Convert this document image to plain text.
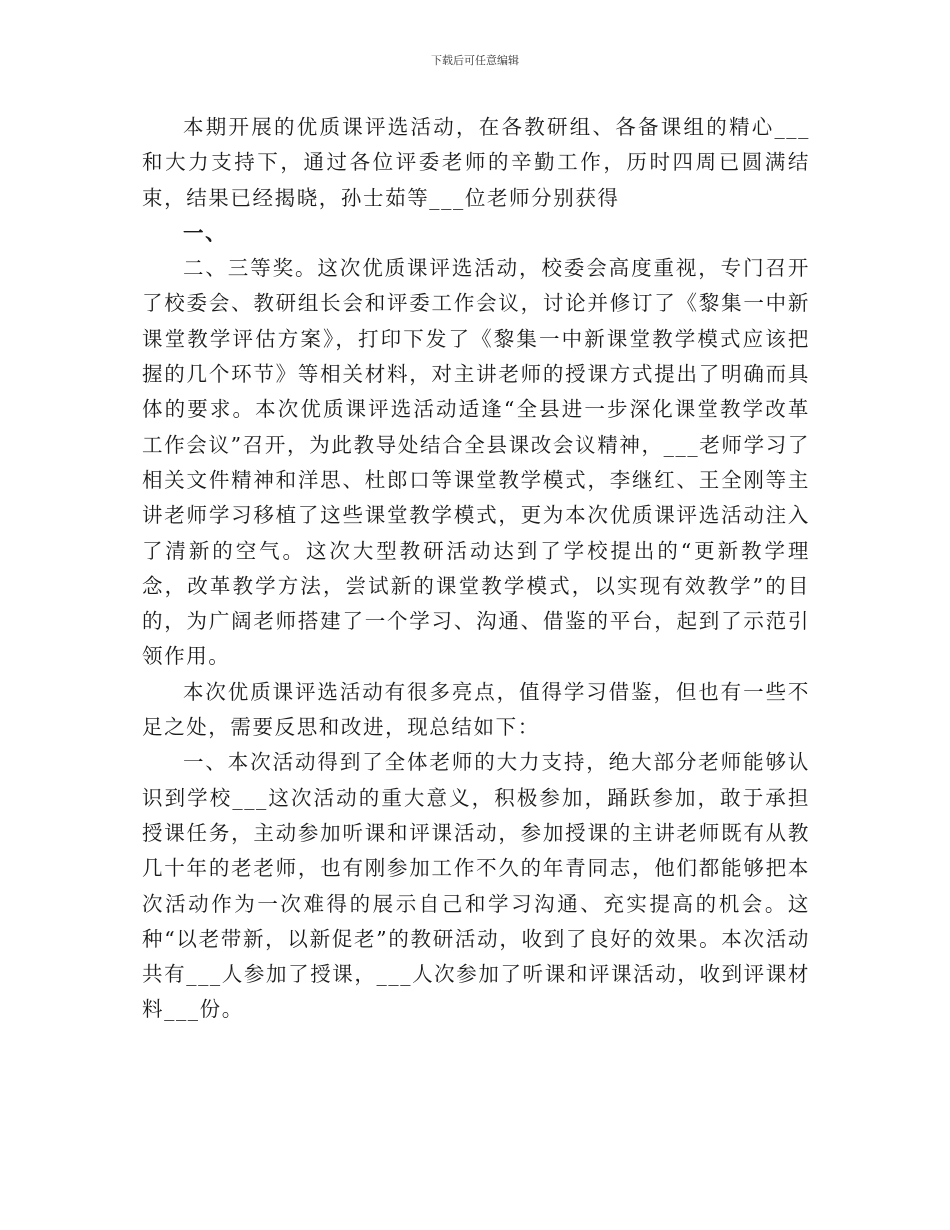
下载后可任意编辑

本期开展的优质课评选活动，在各教研组、各备课组的精心___和大力支持下，通过各位评委老师的辛勤工作，历时四周已圆满结束，结果已经揭晓，孙士茹等___位老师分别获得

一、

二、三等奖。这次优质课评选活动，校委会高度重视，专门召开了校委会、教研组长会和评委工作会议，讨论并修订了《黎集一中新课堂教学评估方案》，打印下发了《黎集一中新课堂教学模式应该把握的几个环节》等相关材料，对主讲老师的授课方式提出了明确而具体的要求。本次优质课评选活动适逢“全县进一步深化课堂教学改革工作会议”召开，为此教导处结合全县课改会议精神，___老师学习了相关文件精神和洋思、杜郎口等课堂教学模式，李继红、王全刚等主讲老师学习移植了这些课堂教学模式，更为本次优质课评选活动注入了清新的空气。这次大型教研活动达到了学校提出的“更新教学理念，改革教学方法，尝试新的课堂教学模式，以实现有效教学”的目的，为广阔老师搭建了一个学习、沟通、借鉴的平台，起到了示范引领作用。

本次优质课评选活动有很多亮点，值得学习借鉴，但也有一些不足之处，需要反思和改进，现总结如下：

一、本次活动得到了全体老师的大力支持，绝大部分老师能够认识到学校___这次活动的重大意义，积极参加，踊跃参加，敢于承担授课任务，主动参加听课和评课活动，参加授课的主讲老师既有从教几十年的老老师，也有刚参加工作不久的年青同志，他们都能够把本次活动作为一次难得的展示自己和学习沟通、充实提高的机会。这种“以老带新，以新促老”的教研活动，收到了良好的效果。本次活动共有___人参加了授课，___人次参加了听课和评课活动，收到评课材料___份。
